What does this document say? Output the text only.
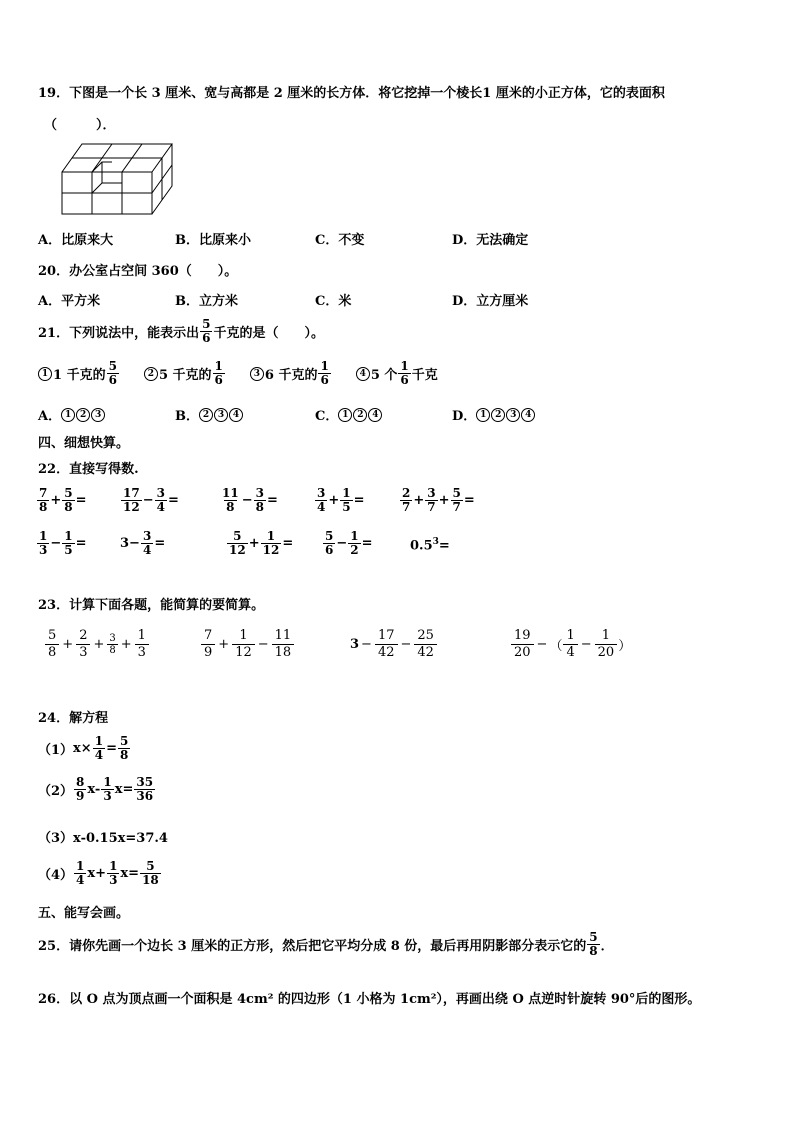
19．下图是一个长 3 厘米、宽与高都是 2 厘米的长方体．将它挖掉一个棱长1 厘米的小正方体，它的表面积
（　　　）．
A．比原来大	B．比原来小	C．不变	D．无法确定
20．办公室占空间 360（　　）。
A．平方米	B．立方米	C．米	D．立方厘米
21．下列说法中，能表示出 $\frac{5}{6}$ 千克的是（　　）。
1 1 千克的 $\frac{5}{6}$	2 5 千克的 $\frac{1}{6}$	3 6 千克的 $\frac{1}{6}$	4 5 个 $\frac{1}{6}$ 千克
A． 1 2 3	B． 2 3 4	C． 1 2 4	D． 1 2 3 4
四、细想快算。
22．直接写得数.
$\frac{7}{8} + \frac{5}{8}$ =	$\frac{17}{12} - \frac{3}{4}$ =	$\frac{11}{8} - \frac{3}{8}$ =	$\frac{3}{4} + \frac{1}{5}$ =	$\frac{2}{7} + \frac{3}{7} + \frac{5}{7}$ =
$\frac{1}{3} - \frac{1}{5}$ =	$3 - \frac{3}{4}$ =	$\frac{5}{12} + \frac{1}{12} = \frac{5}{6} - \frac{1}{2}$ =	$0.5^3=$
23．计算下面各题，能简算的要简算。
$\frac{5}{8} + \frac{2}{3} + \frac{3}{8} + \frac{1}{3}$	$\frac{7}{9} + \frac{1}{12} - \frac{11}{18}$	$3 - \frac{17}{42} - \frac{25}{42}$	$\frac{19}{20}$ − （ $\frac{1}{4} - \frac{1}{20}$ ）
24．解方程
（1） $x\times \frac{1}{4} = \frac{5}{8}$
$(2) \frac{8}{9} x- \frac{1}{3} x= \frac{35}{36}$
（3）x-0.15x=37.4
$(4) \frac{1}{4} x+ \frac{1}{3} x= \frac{5}{18}$
五、能写会画。
25．请你先画一个边长 3 厘米的正方形，然后把它平均分成 8 份，最后再用阴影部分表示它的 $\frac{5}{8}$ ．
26．以 O 点为顶点画一个面积是 4cm² 的四边形（1 小格为 1cm²），再画出绕 O 点逆时针旋转 90°后的图形。
